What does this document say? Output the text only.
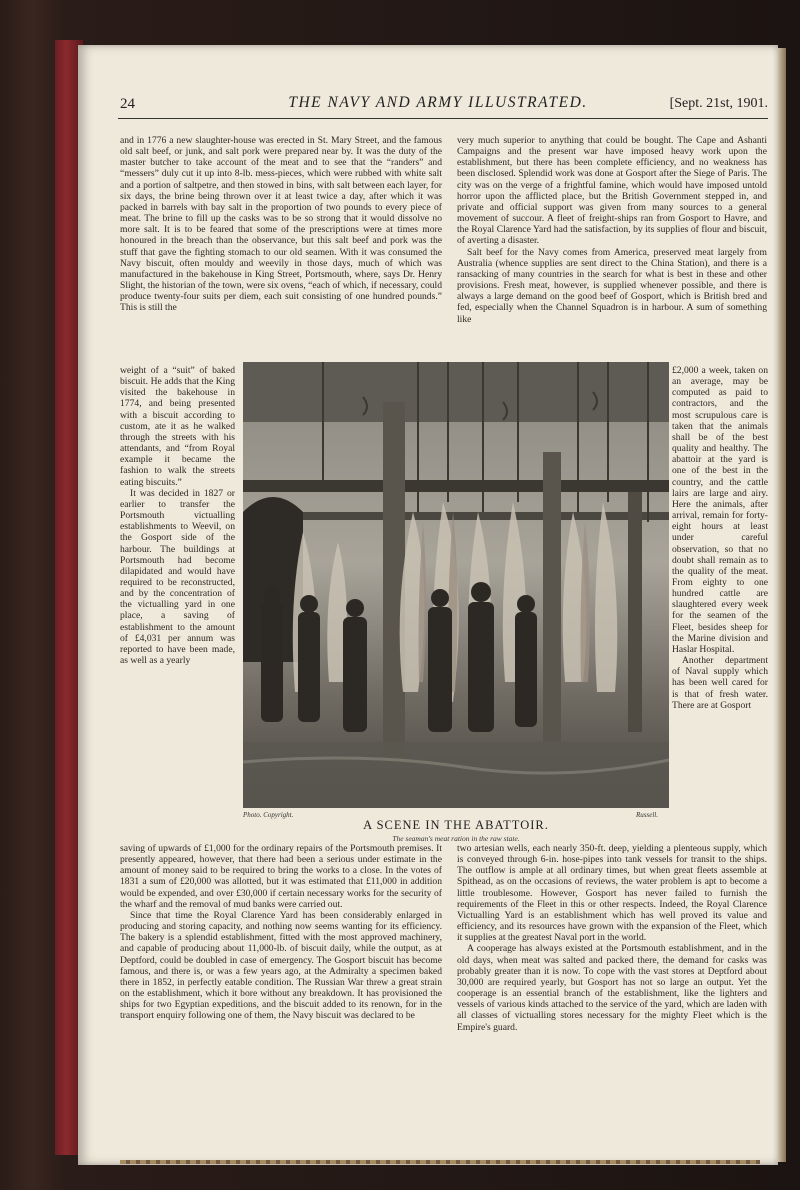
24	THE NAVY AND ARMY ILLUSTRATED.	[Sept. 21st, 1901.

and in 1776 a new slaughter-house was erected in St. Mary Street, and the famous old salt beef, or junk, and salt pork were prepared near by. It was the duty of the master butcher to take account of the meat and to see that the “randers” and “messers” duly cut it up into 8-lb. mess-pieces, which were rubbed with white salt and a portion of saltpetre, and then stowed in bins, with salt between each layer, for six days, the brine being thrown over it at least twice a day, after which it was packed in barrels with bay salt in the proportion of two pounds to every piece of meat. The brine to fill up the casks was to be so strong that it would dissolve no more salt. It is to be feared that some of the prescriptions were at times more honoured in the breach than the observance, but this salt beef and pork was the stuff that gave the fighting stomach to our old seamen. With it was consumed the Navy biscuit, often mouldy and weevily in those days, much of which was manufactured in the bakehouse in King Street, Portsmouth, where, says Dr. Henry Slight, the historian of the town, were six ovens, “each of which, if necessary, could produce twenty-four suits per diem, each suit consisting of one hundred pounds.” This is still the

very much superior to anything that could be bought. The Cape and Ashanti Campaigns and the present war have imposed heavy work upon the establishment, but there has been complete efficiency, and no weakness has been disclosed. Splendid work was done at Gosport after the Siege of Paris. The city was on the verge of a frightful famine, which would have imposed untold horror upon the afflicted place, but the British Government stepped in, and private and official support was given from many sources to a general movement of succour. A fleet of freight-ships ran from Gosport to Havre, and the Royal Clarence Yard had the satisfaction, by its supplies of flour and biscuit, of averting a disaster.

Salt beef for the Navy comes from America, preserved meat largely from Australia (whence supplies are sent direct to the China Station), and there is a ransacking of many countries in the search for what is best in these and other provisions. Fresh meat, however, is supplied whenever possible, and there is always a large demand on the good beef of Gosport, which is British bred and fed, especially when the Channel Squadron is in harbour. A sum of something like

weight of a “suit” of baked biscuit. He adds that the King visited the bakehouse in 1774, and being presented with a biscuit according to custom, ate it as he walked through the streets with his attendants, and “from Royal example it became the fashion to walk the streets eating biscuits.”

It was decided in 1827 or earlier to transfer the Portsmouth victualling establishments to Weevil, on the Gosport side of the harbour. The buildings at Portsmouth had become dilapidated and would have required to be reconstructed, and by the concentration of the victualling yard in one place, a saving of establishment to the amount of £4,031 per annum was reported to have been made, as well as a yearly

£2,000 a week, taken on an average, may be computed as paid to contractors, and the most scrupulous care is taken that the animals shall be of the best quality and healthy. The abattoir at the yard is one of the best in the country, and the cattle lairs are large and airy. Here the animals, after arrival, remain for forty-eight hours at least under careful observation, so that no doubt shall remain as to the quality of the meat. From eighty to one hundred cattle are slaughtered every week for the seamen of the Fleet, besides sheep for the Marine division and Haslar Hospital.

Another department of Naval supply which has been well cared for is that of fresh water. There are at Gosport

Photo. Copyright.	Russell.
A SCENE IN THE ABATTOIR.
The seaman's meat ration in the raw state.

saving of upwards of £1,000 for the ordinary repairs of the Portsmouth premises. It presently appeared, however, that there had been a serious under estimate in the amount of money said to be required to bring the works to a close. In the votes of 1831 a sum of £20,000 was allotted, but it was estimated that £11,000 in addition would be expended, and over £30,000 if certain necessary works for the security of the wharf and the removal of mud banks were carried out.

Since that time the Royal Clarence Yard has been considerably enlarged in producing and storing capacity, and nothing now seems wanting for its efficiency. The bakery is a splendid establishment, fitted with the most approved machinery, and capable of producing about 11,000-lb. of biscuit daily, while the output, as at Deptford, could be doubled in case of emergency. The Gosport biscuit has become famous, and there is, or was a few years ago, at the Admiralty a specimen baked there in 1852, in perfectly eatable condition. The Russian War threw a great strain on the establishment, which it bore without any breakdown. It has provisioned the ships for two Egyptian expeditions, and the biscuit added to its renown, for in the transport enquiry following one of them, the Navy biscuit was declared to be

two artesian wells, each nearly 350-ft. deep, yielding a plenteous supply, which is conveyed through 6-in. hose-pipes into tank vessels for transit to the ships. The outflow is ample at all ordinary times, but when great fleets assemble at Spithead, as on the occasions of reviews, the water problem is apt to become a little troublesome. However, Gosport has never failed to furnish the requirements of the Fleet in this or other respects. Indeed, the Royal Clarence Victualling Yard is an establishment which has well proved its value and efficiency, and its resources have grown with the expansion of the Fleet, which it supplies at the greatest Naval port in the world.

A cooperage has always existed at the Portsmouth establishment, and in the old days, when meat was salted and packed there, the demand for casks was probably greater than it is now. To cope with the vast stores at Deptford about 30,000 are required yearly, but Gosport has not so large an output. Yet the cooperage is an essential branch of the establishment, like the lighters and vessels of various kinds attached to the service of the yard, which are laden with all classes of victualling stores necessary for the mighty Fleet which is the Empire's guard.
